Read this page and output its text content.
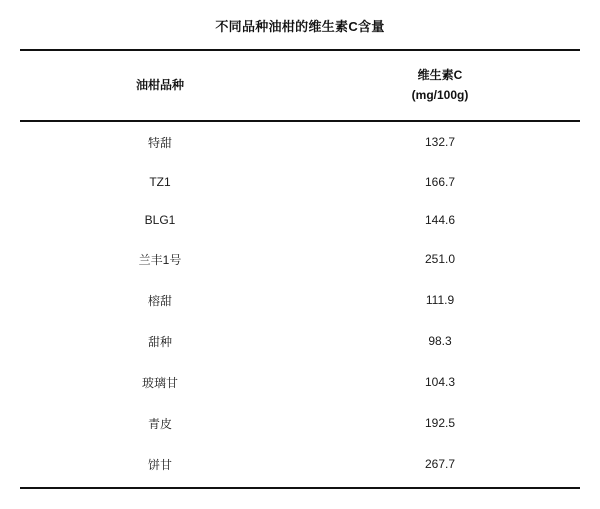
不同品种油柑的维生素C含量
油柑品种	维生素C
(mg/100g)

特甜	132.7
TZ1	166.7
BLG1	144.6
兰丰1号	251.0
榕甜	111.9
甜种	98.3
玻璃甘	104.3
青皮	192.5
饼甘	267.7
